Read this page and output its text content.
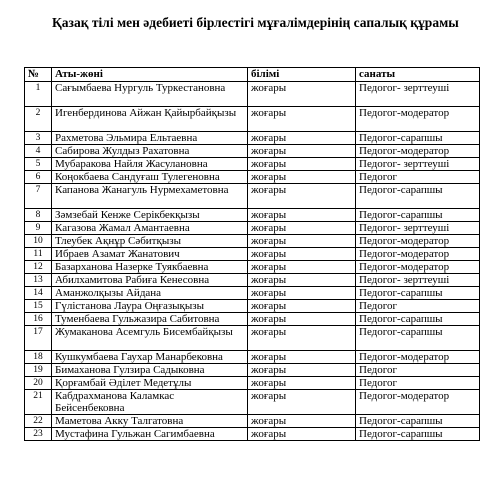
Қазақ тілі мен әдебиеті бірлестігі мұғалімдерінің сапалық құрамы
№	Аты-жөні	білімі	санаты
1	Сағымбаева Нургуль Туркестановна	жоғары	Педогог- зерттеуші
2	Игенбердинова Айжан Қайырбайқызы	жоғары	Педогог-модератор
3	Рахметова Эльмира Ельтаевна	жоғары	Педогог-сарапшы
4	Сабирова Жулдыз Рахатовна	жоғары	Педогог-модератор
5	Мубаракова Найля Жасулановна	жоғары	Педогог- зерттеуші
6	Коңокбаева Сандуғаш Тулегеновна	жоғары	Педогог
7	Капанова Жанагуль Нурмехаметовна	жоғары	Педогог-сарапшы
8	Зәмзебай Кенже Серікбекқызы	жоғары	Педогог-сарапшы
9	Кагазова Жамал Амантаевна	жоғары	Педогог- зерттеуші
10	Тлеубек Ақнұр Сәбитқызы	жоғары	Педогог-модератор
11	Ибраев Азамат Жанатович	жоғары	Педогог-модератор
12	Базарханова Назерке Туякбаевна	жоғары	Педогог-модератор
13	Абилхамитова Рабиға Кенесовна	жоғары	Педогог- зерттеуші
14	Аманжолқызы Айдана	жоғары	Педогог-сарапшы
15	Гүлістанова Лаура Оңғазықызы	жоғары	Педогог
16	Туменбаева Гульжазира Сабитовна	жоғары	Педогог-сарапшы
17	Жумаканова Асемгуль Бисембайқызы	жоғары	Педогог-сарапшы
18	Кушкумбаева Гаухар Манарбековна	жоғары	Педогог-модератор
19	Бимаханова Гулзира Садыковна	жоғары	Педогог
20	Қорғамбай Әділет Медетұлы	жоғары	Педогог
21	Кабдрахманова Каламкас Бейсенбековна	жоғары	Педогог-модератор
22	Маметова Акку Талгатовна	жоғары	Педогог-сарапшы
23	Мустафина Гульжан Сагимбаевна	жоғары	Педогог-сарапшы
